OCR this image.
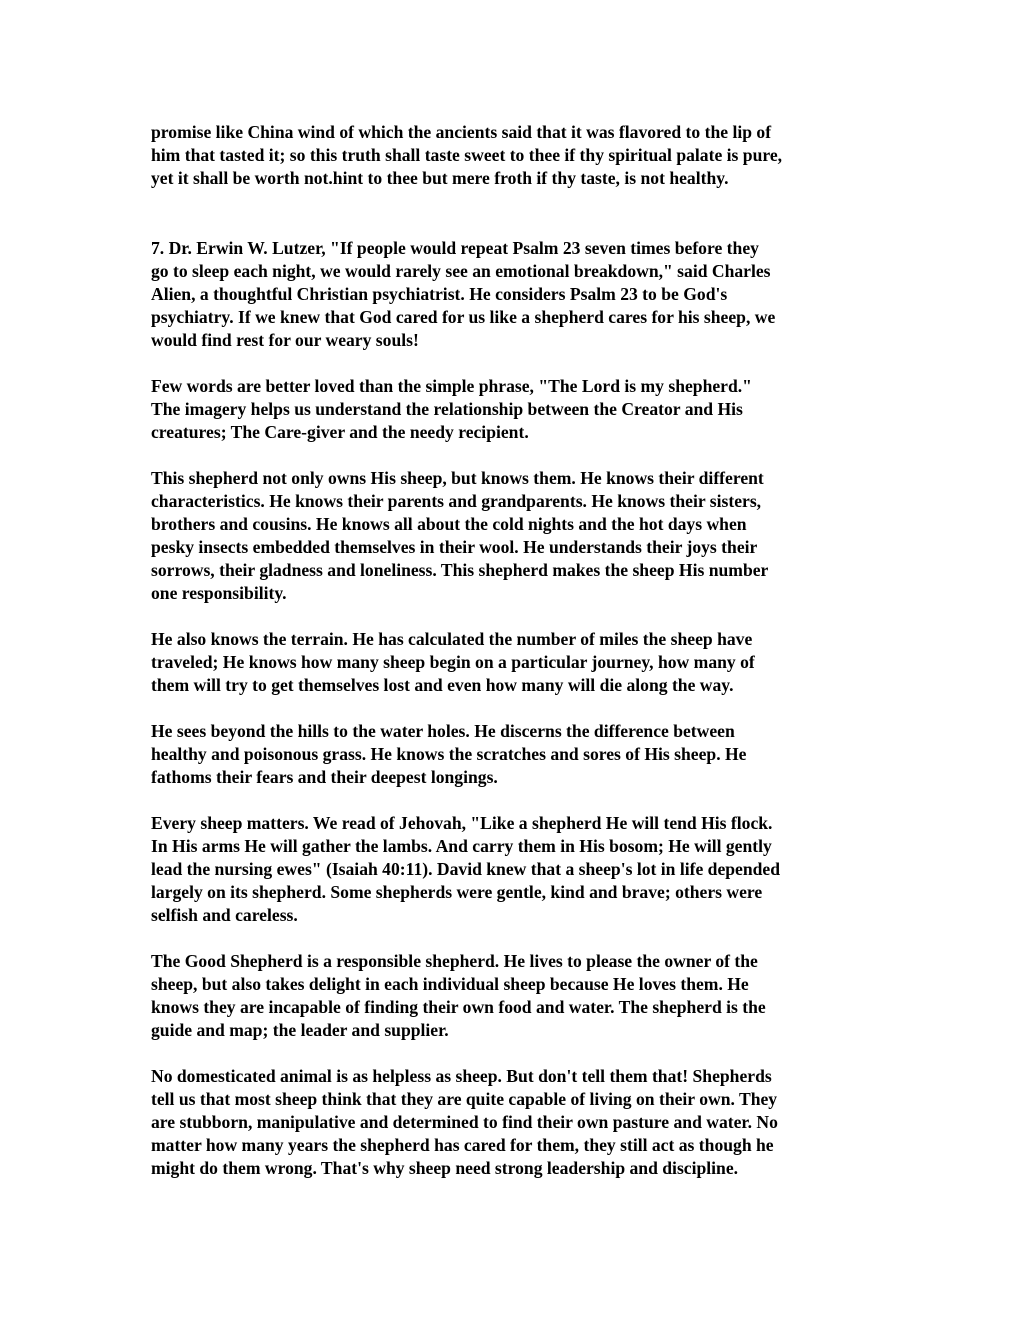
promise like China wind of which the ancients said that it was flavored to the lip of
him that tasted it; so this truth shall taste sweet to thee if thy spiritual palate is pure,
yet it shall be worth not.hint to thee but mere froth if thy taste, is not healthy.
7. Dr. Erwin W. Lutzer, "If people would repeat Psalm 23 seven times before they
go to sleep each night, we would rarely see an emotional breakdown," said Charles
Alien, a thoughtful Christian psychiatrist. He considers Psalm 23 to be God's
psychiatry. If we knew that God cared for us like a shepherd cares for his sheep, we
would find rest for our weary souls!
Few words are better loved than the simple phrase, "The Lord is my shepherd."
The imagery helps us understand the relationship between the Creator and His
creatures; The Care-giver and the needy recipient.
This shepherd not only owns His sheep, but knows them. He knows their different
characteristics. He knows their parents and grandparents. He knows their sisters,
brothers and cousins. He knows all about the cold nights and the hot days when
pesky insects embedded themselves in their wool. He understands their joys their
sorrows, their gladness and loneliness. This shepherd makes the sheep His number
one responsibility.
He also knows the terrain. He has calculated the number of miles the sheep have
traveled; He knows how many sheep begin on a particular journey, how many of
them will try to get themselves lost and even how many will die along the way.
He sees beyond the hills to the water holes. He discerns the difference between
healthy and poisonous grass. He knows the scratches and sores of His sheep. He
fathoms their fears and their deepest longings.
Every sheep matters. We read of Jehovah, "Like a shepherd He will tend His flock.
In His arms He will gather the lambs. And carry them in His bosom; He will gently
lead the nursing ewes" (Isaiah 40:11). David knew that a sheep's lot in life depended
largely on its shepherd. Some shepherds were gentle, kind and brave; others were
selfish and careless.
The Good Shepherd is a responsible shepherd. He lives to please the owner of the
sheep, but also takes delight in each individual sheep because He loves them. He
knows they are incapable of finding their own food and water. The shepherd is the
guide and map; the leader and supplier.
No domesticated animal is as helpless as sheep. But don't tell them that! Shepherds
tell us that most sheep think that they are quite capable of living on their own. They
are stubborn, manipulative and determined to find their own pasture and water. No
matter how many years the shepherd has cared for them, they still act as though he
might do them wrong. That's why sheep need strong leadership and discipline.
